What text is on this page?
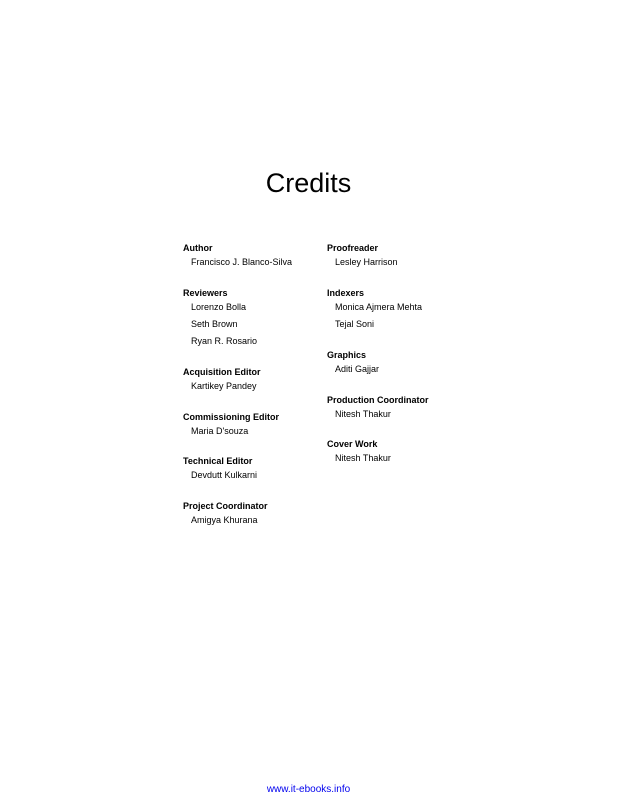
Credits
Author
Francisco J. Blanco-Silva
Reviewers
Lorenzo Bolla
Seth Brown
Ryan R. Rosario
Acquisition Editor
Kartikey Pandey
Commissioning Editor
Maria D'souza
Technical Editor
Devdutt Kulkarni
Project Coordinator
Amigya Khurana
Proofreader
Lesley Harrison
Indexers
Monica Ajmera Mehta
Tejal Soni
Graphics
Aditi Gajjar
Production Coordinator
Nitesh Thakur
Cover Work
Nitesh Thakur
www.it-ebooks.info
